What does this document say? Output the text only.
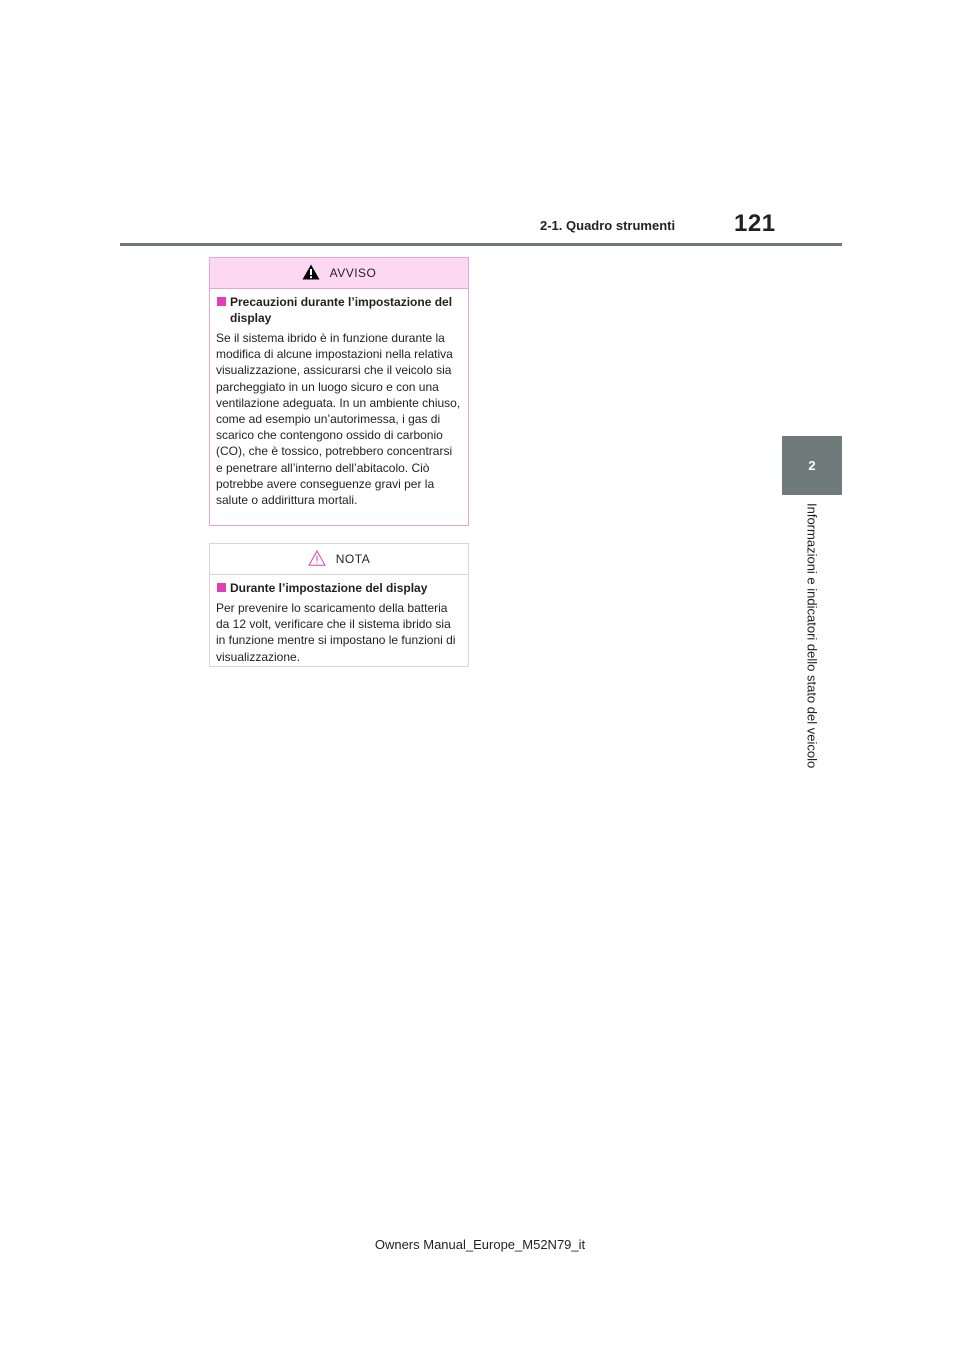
2-1. Quadro strumenti	121
2
Informazioni e indicatori dello stato del veicolo
AVVISO
Precauzioni durante l’impostazione del display
Se il sistema ibrido è in funzione durante la modifica di alcune impostazioni nella relativa visualizzazione, assicurarsi che il veicolo sia parcheggiato in un luogo sicuro e con una ventilazione adeguata. In un ambiente chiuso, come ad esempio un’autorimessa, i gas di scarico che contengono ossido di carbonio (CO), che è tossico, potrebbero concentrarsi e penetrare all’interno dell’abitacolo. Ciò potrebbe avere conseguenze gravi per la salute o addirittura mortali.
NOTA
Durante l’impostazione del display
Per prevenire lo scaricamento della batteria da 12 volt, verificare che il sistema ibrido sia in funzione mentre si impostano le funzioni di visualizzazione.
Owners Manual_Europe_M52N79_it
